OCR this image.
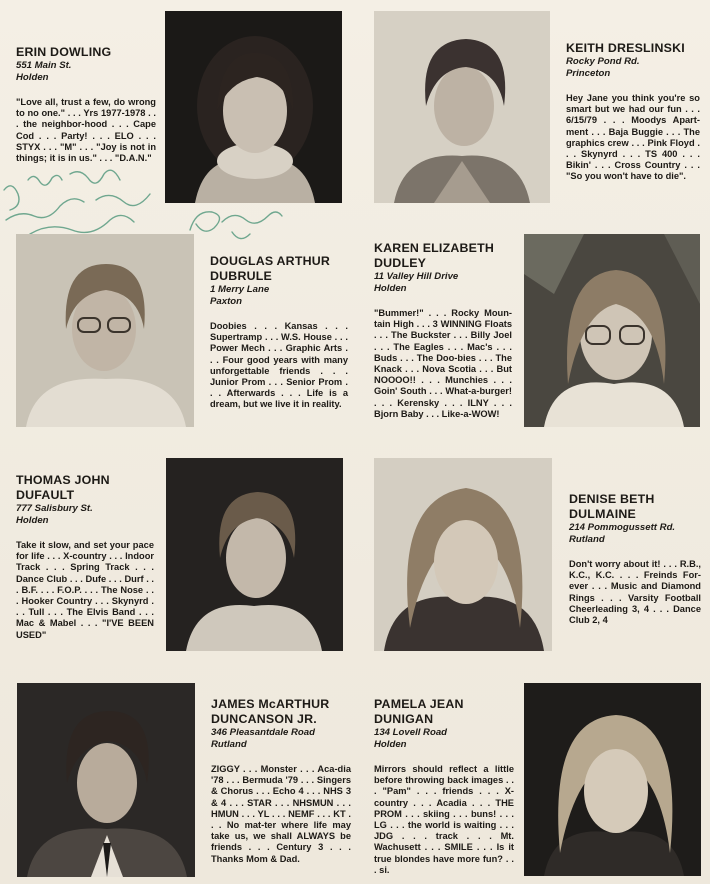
ERIN DOWLING
551 Main St.
Holden
"Love all, trust a few, do wrong to no one." . . . Yrs 1977-1978 . . . the neighbor-hood . . . Cape Cod . . . Party! . . . ELO . . . STYX . . . "M" . . . "Joy is not in things; it is in us." . . . "D.A.N."
KEITH DRESLINSKI
Rocky Pond Rd.
Princeton
Hey Jane you think you're so smart but we had our fun . . . 6/15/79 . . . Moodys Apart-ment . . . Baja Buggie . . . The graphics crew . . . Pink Floyd . . . Skynyrd . . . TS 400 . . . Bikin' . . . Cross Country . . . "So you won't have to die".
DOUGLAS ARTHUR DUBRULE
1 Merry Lane
Paxton
Doobies . . . Kansas . . . Supertramp . . . W.S. House . . . Power Mech . . . Graphic Arts . . . Four good years with many unforgettable friends . . . Junior Prom . . . Senior Prom . . . Afterwards . . . Life is a dream, but we live it in reality.
KAREN ELIZABETH DUDLEY
11 Valley Hill Drive
Holden
"Bummer!" . . . Rocky Moun-tain High . . . 3 WINNING Floats . . . The Buckster . . . Billy Joel . . . The Eagles . . . Mac's . . . Buds . . . The Doo-bies . . . The Knack . . . Nova Scotia . . . But NOOOO!! . . . Munchies . . . Goin' South . . . What-a-burger! . . . Kerensky . . . ILNY . . . Bjorn Baby . . . Like-a-WOW!
THOMAS JOHN DUFAULT
777 Salisbury St.
Holden
Take it slow, and set your pace for life . . . X-country . . . Indoor Track . . . Spring Track . . . Dance Club . . . Dufe . . . Durf . . . B.F. . . . F.O.P. . . . The Nose . . . Hooker Country . . . Skynyrd . . . Tull . . . The Elvis Band . . . Mac & Mabel . . . "I'VE BEEN USED"
DENISE BETH DULMAINE
214 Pommogussett Rd.
Rutland
Don't worry about it! . . . R.B., K.C., K.C. . . . Freinds For-ever . . . Music and Diamond Rings . . . Varsity Football Cheerleading 3, 4 . . . Dance Club 2, 4
JAMES McARTHUR DUNCANSON JR.
346 Pleasantdale Road
Rutland
ZIGGY . . . Monster . . . Aca-dia '78 . . . Bermuda '79 . . . Singers & Chorus . . . Echo 4 . . . NHS 3 & 4 . . . STAR . . . NHSMUN . . . HMUN . . . YL . . . NEMF . . . KT . . . No mat-ter where life may take us, we shall ALWAYS be friends . . . Century 3 . . . Thanks Mom & Dad.
PAMELA JEAN DUNIGAN
134 Lovell Road
Holden
Mirrors should reflect a little before throwing back images . . . "Pam" . . . friends . . . X-country . . . Acadia . . . THE PROM . . . skiing . . . buns! . . . LG . . . the world is waiting . . . JDG . . . track . . . Mt. Wachusett . . . SMILE . . . Is it true blondes have more fun? . . . si.
